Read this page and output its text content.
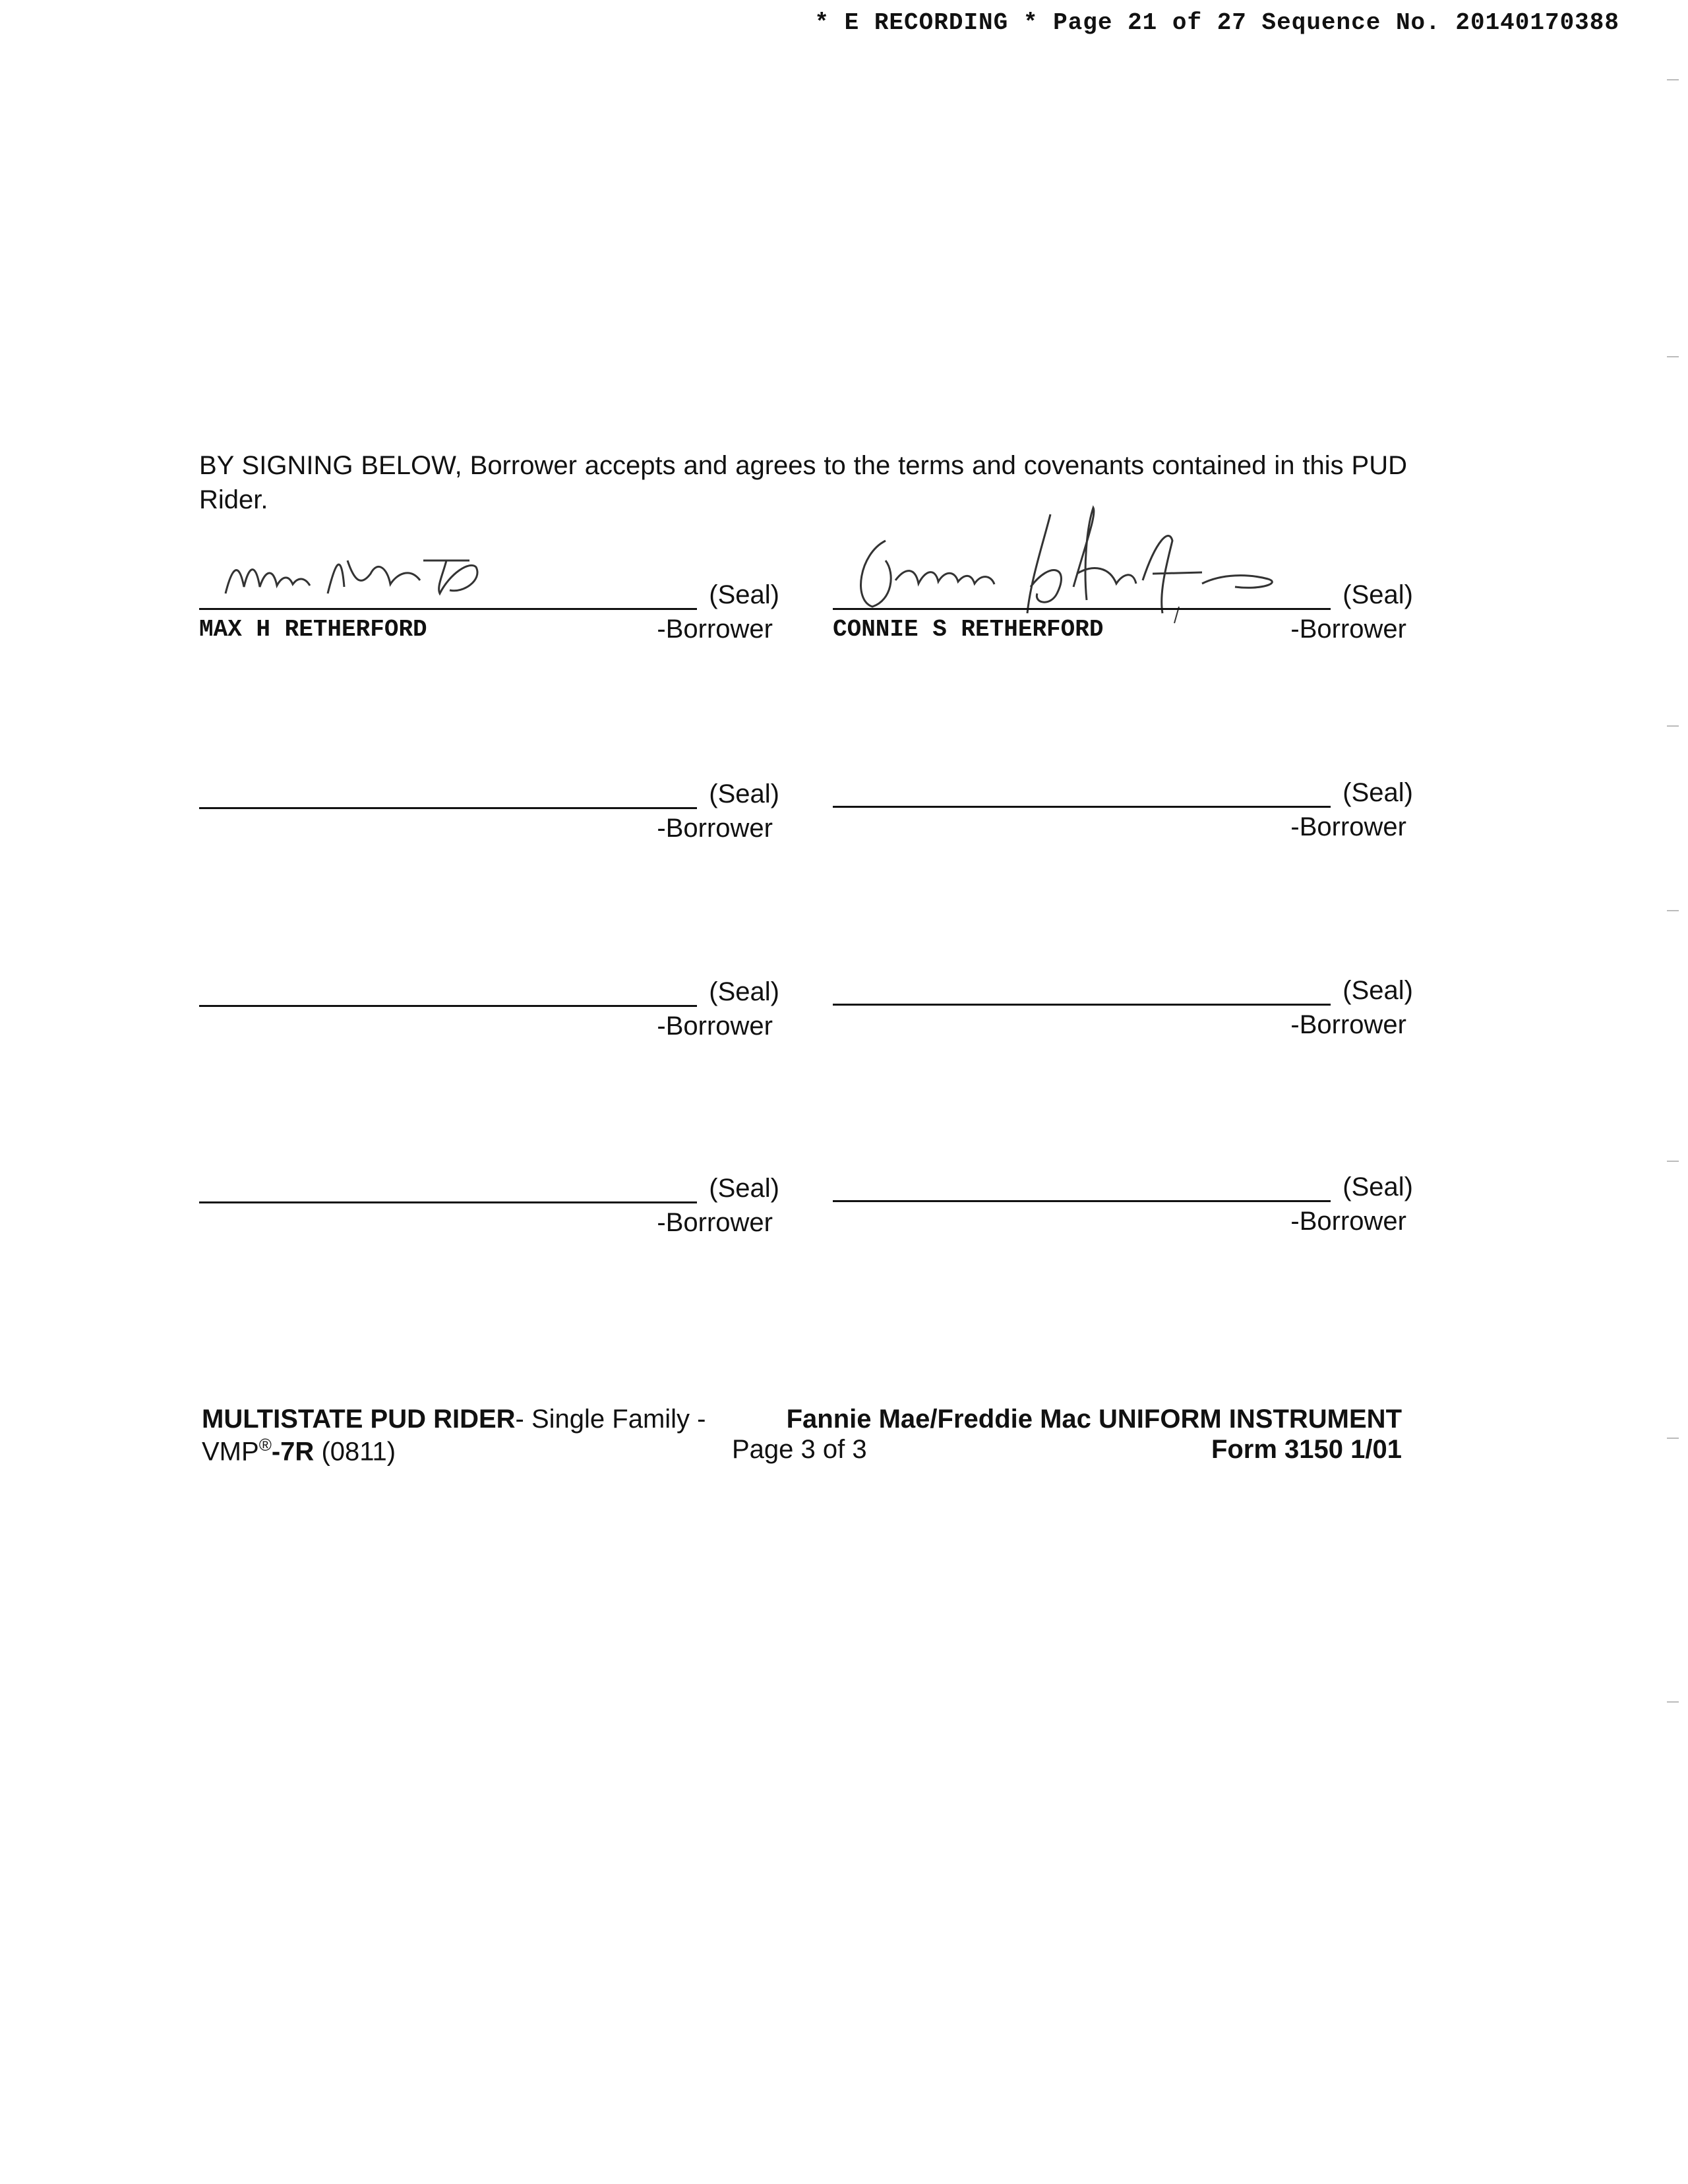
* E RECORDING * Page 21 of 27 Sequence No. 20140170388
BY SIGNING BELOW, Borrower accepts and agrees to the terms and covenants contained in this PUD Rider.
(Seal)
MAX H RETHERFORD	-Borrower
(Seal)
CONNIE S RETHERFORD	-Borrower
(Seal)
-Borrower
(Seal)
-Borrower
(Seal)
-Borrower
(Seal)
-Borrower
(Seal)
-Borrower
(Seal)
-Borrower
MULTISTATE PUD RIDER- Single Family -	Fannie Mae/Freddie Mac UNIFORM INSTRUMENT
VMP®-7R (0811)	Page 3 of 3	Form 3150 1/01
